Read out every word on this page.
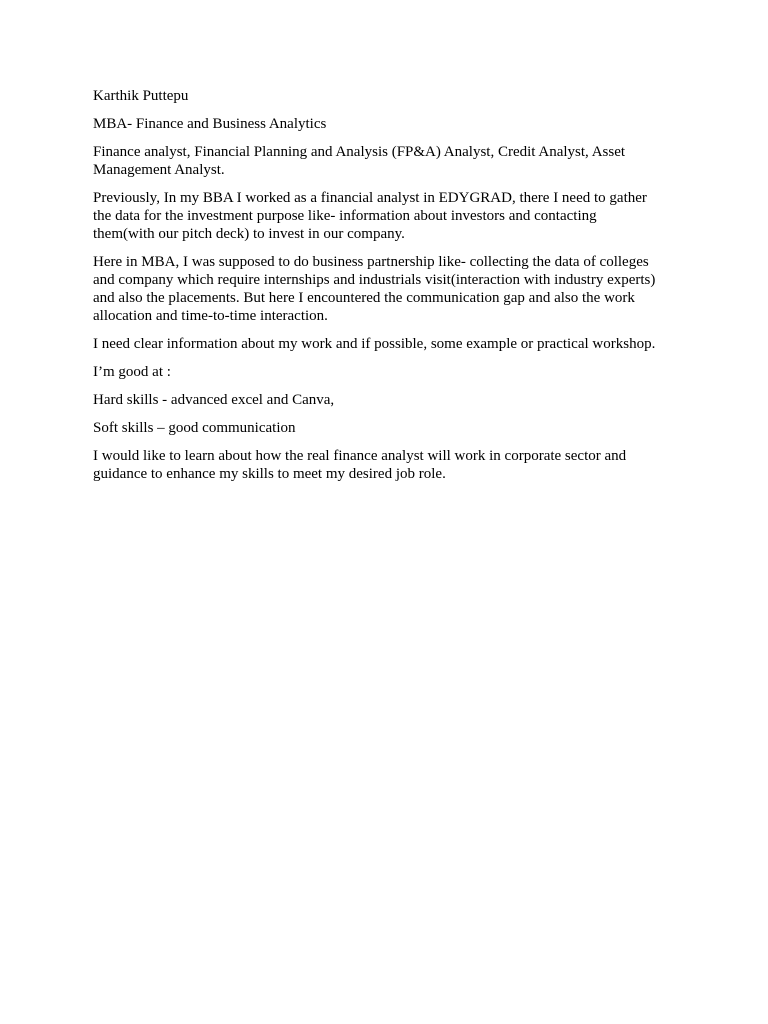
Karthik Puttepu

MBA- Finance and Business Analytics

Finance analyst, Financial Planning and Analysis (FP&A) Analyst, Credit Analyst, Asset
Management Analyst.

Previously, In my BBA I worked as a financial analyst in EDYGRAD, there I need to gather
the data for the investment purpose like- information about investors and contacting
them(with our pitch deck) to invest in our company.

Here in MBA, I was supposed to do business partnership like- collecting the data of colleges
and company which require internships and industrials visit(interaction with industry experts)
and also the placements. But here I encountered the communication gap and also the work
allocation and time-to-time interaction.

I need clear information about my work and if possible, some example or practical workshop.

I’m good at :

Hard skills - advanced excel and Canva,

Soft skills – good communication

I would like to learn about how the real finance analyst will work in corporate sector and
guidance to enhance my skills to meet my desired job role.
